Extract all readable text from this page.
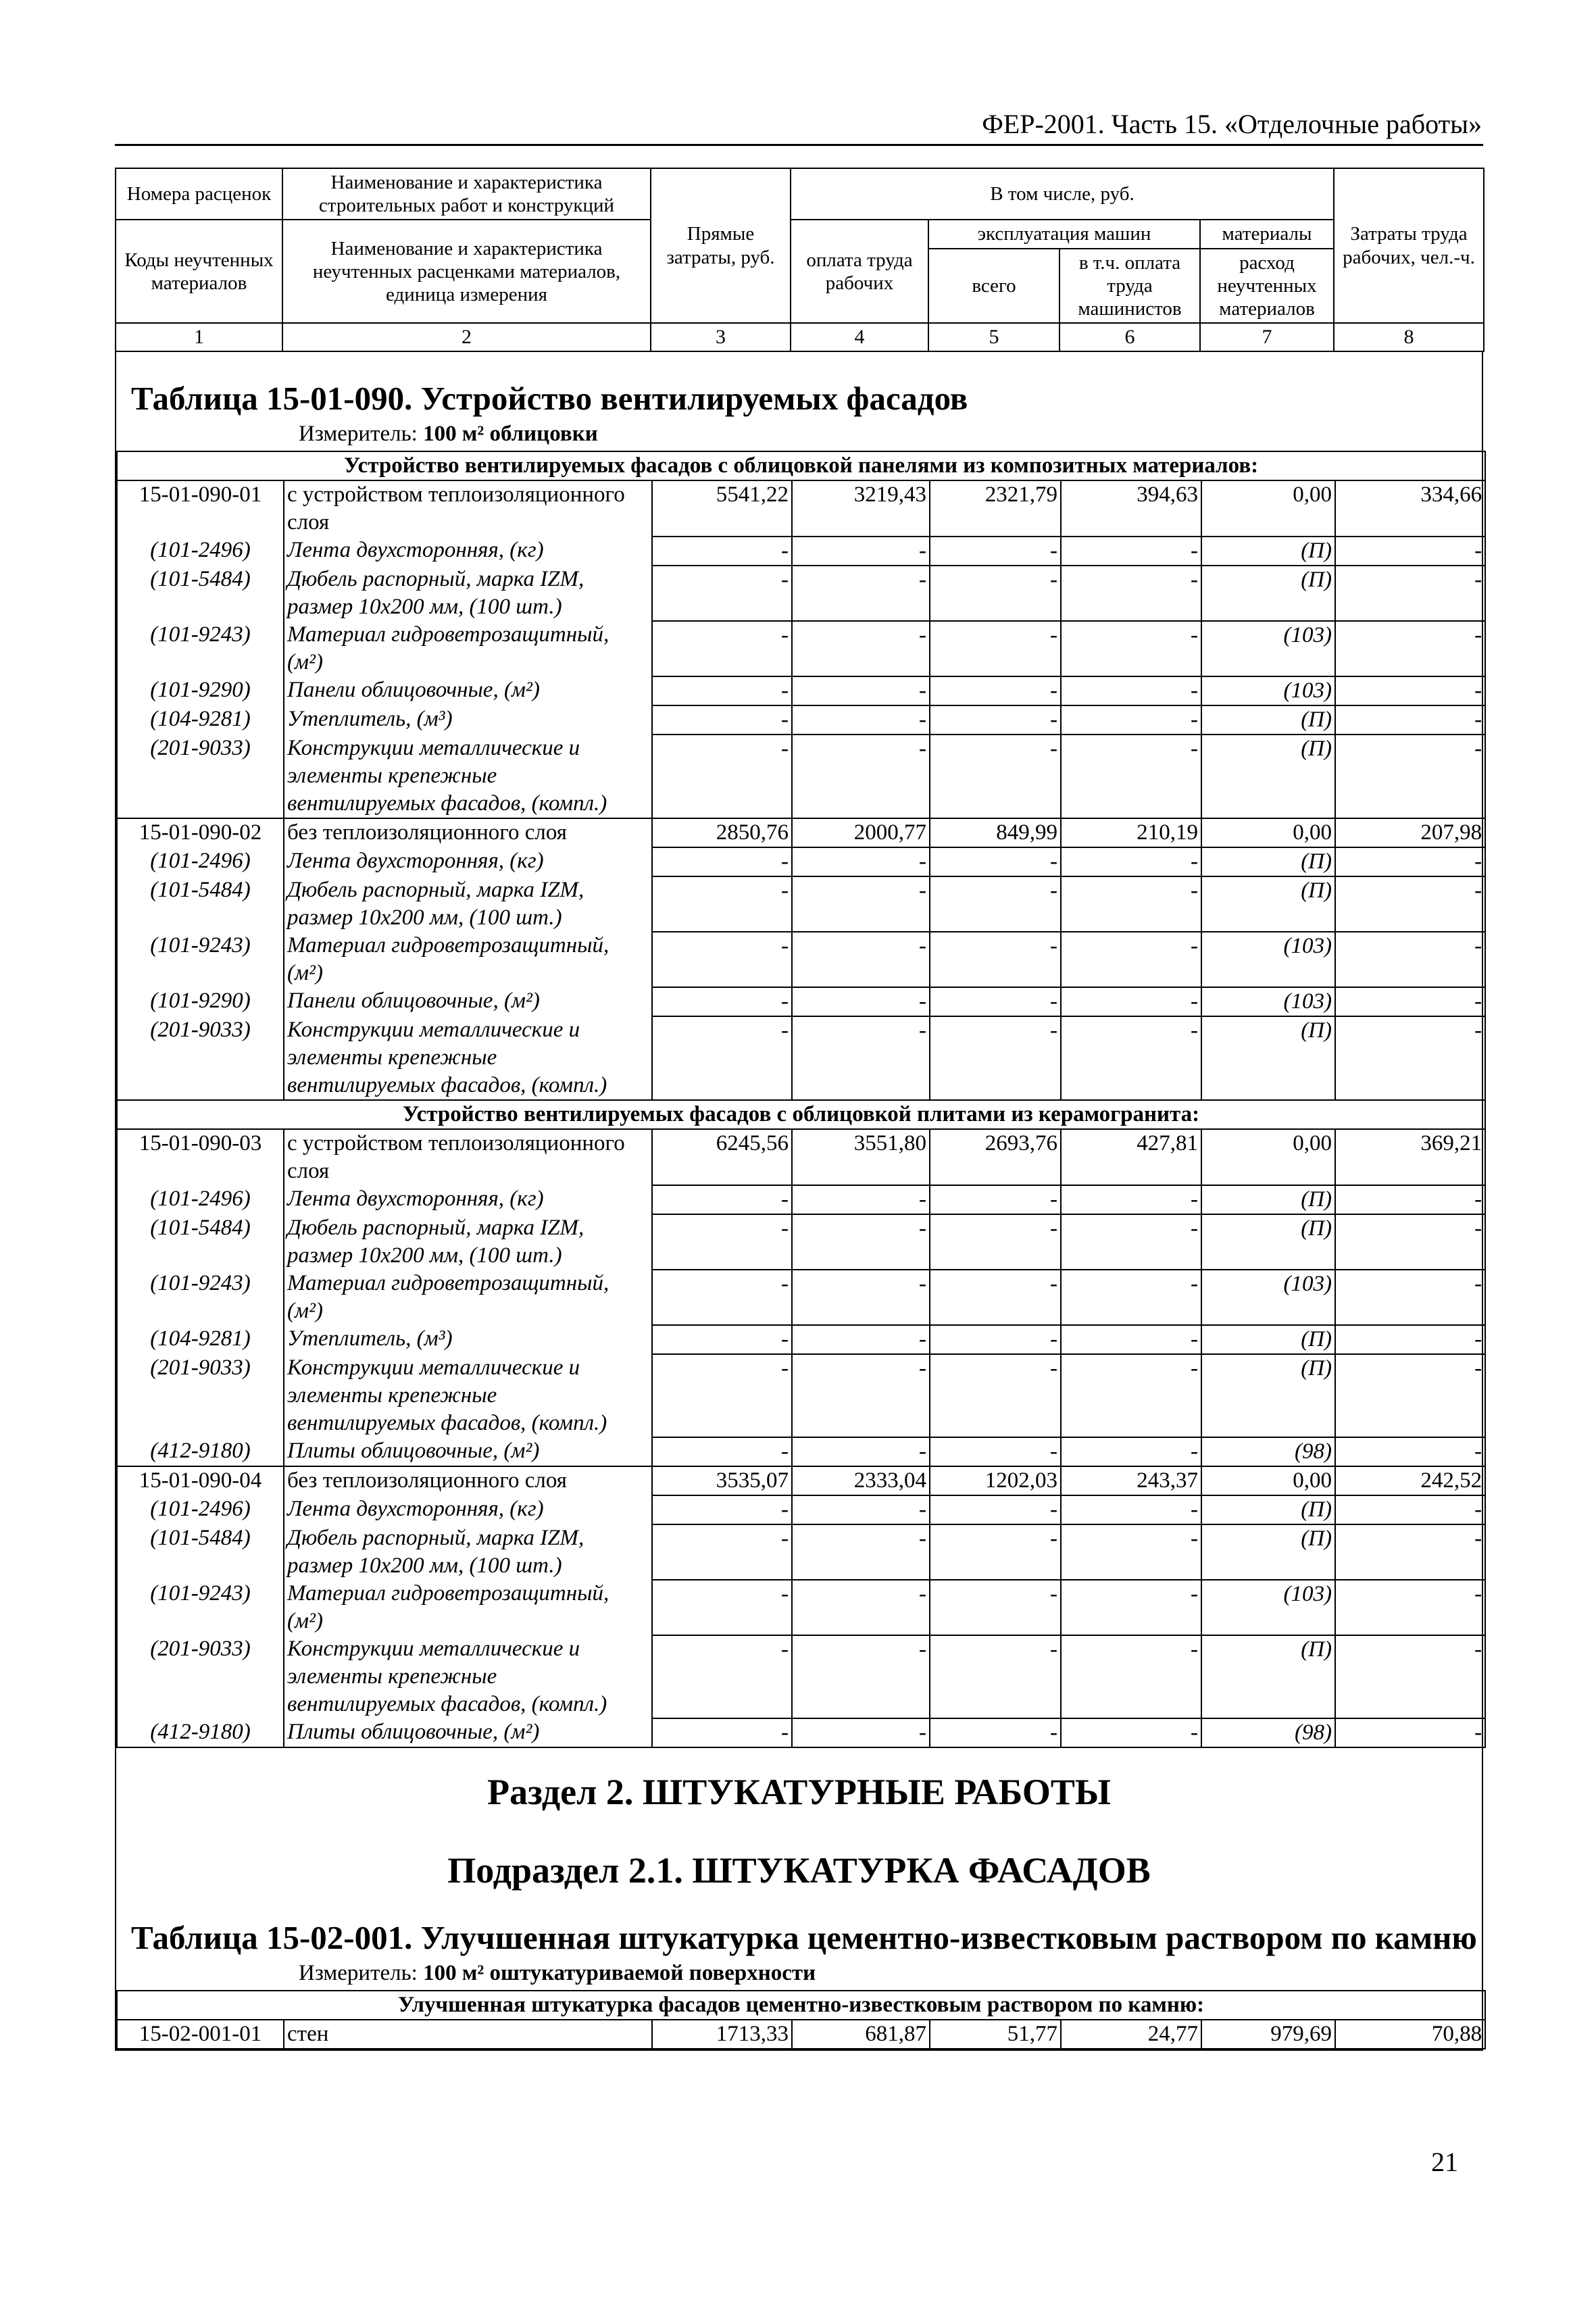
ФЕР-2001. Часть 15. «Отделочные работы»
Номера расценок	Наименование и характеристика строительных работ и конструкций	Прямые затраты, руб.	В том числе, руб.				Затраты труда рабочих, чел.-ч.
Коды неучтенных материалов	Наименование и характеристика неучтенных расценками материалов, единица измерения		оплата труда рабочих	эксплуатация машин		материалы	
				всего	в т.ч. оплата труда машинистов	расход неучтенных материалов	
1	2	3	4	5	6	7	8
Таблица 15-01-090. Устройство вентилируемых фасадов
Измеритель: 100 м² облицовки
Устройство вентилируемых фасадов с облицовкой панелями из композитных материалов:							
15-01-090-01	с устройством теплоизоляционного слоя	5541,22	3219,43	2321,79	394,63	0,00	334,66
(101-2496)	Лента двухсторонняя, (кг)	-	-	-	-	(П)	-
(101-5484)	Дюбель распорный, марка IZM, размер 10х200 мм, (100 шт.)	-	-	-	-	(П)	-
(101-9243)	Материал гидроветрозащитный, (м²)	-	-	-	-	(103)	-
(101-9290)	Панели облицовочные, (м²)	-	-	-	-	(103)	-
(104-9281)	Утеплитель, (м³)	-	-	-	-	(П)	-
(201-9033)	Конструкции металлические и элементы крепежные вентилируемых фасадов, (компл.)	-	-	-	-	(П)	-
15-01-090-02	без теплоизоляционного слоя	2850,76	2000,77	849,99	210,19	0,00	207,98
(101-2496)	Лента двухсторонняя, (кг)	-	-	-	-	(П)	-
(101-5484)	Дюбель распорный, марка IZM, размер 10х200 мм, (100 шт.)	-	-	-	-	(П)	-
(101-9243)	Материал гидроветрозащитный, (м²)	-	-	-	-	(103)	-
(101-9290)	Панели облицовочные, (м²)	-	-	-	-	(103)	-
(201-9033)	Конструкции металлические и элементы крепежные вентилируемых фасадов, (компл.)	-	-	-	-	(П)	-
Устройство вентилируемых фасадов с облицовкой плитами из керамогранита:							
15-01-090-03	с устройством теплоизоляционного слоя	6245,56	3551,80	2693,76	427,81	0,00	369,21
(101-2496)	Лента двухсторонняя, (кг)	-	-	-	-	(П)	-
(101-5484)	Дюбель распорный, марка IZM, размер 10х200 мм, (100 шт.)	-	-	-	-	(П)	-
(101-9243)	Материал гидроветрозащитный, (м²)	-	-	-	-	(103)	-
(104-9281)	Утеплитель, (м³)	-	-	-	-	(П)	-
(201-9033)	Конструкции металлические и элементы крепежные вентилируемых фасадов, (компл.)	-	-	-	-	(П)	-
(412-9180)	Плиты облицовочные, (м²)	-	-	-	-	(98)	-
15-01-090-04	без теплоизоляционного слоя	3535,07	2333,04	1202,03	243,37	0,00	242,52
(101-2496)	Лента двухсторонняя, (кг)	-	-	-	-	(П)	-
(101-5484)	Дюбель распорный, марка IZM, размер 10х200 мм, (100 шт.)	-	-	-	-	(П)	-
(101-9243)	Материал гидроветрозащитный, (м²)	-	-	-	-	(103)	-
(201-9033)	Конструкции металлические и элементы крепежные вентилируемых фасадов, (компл.)	-	-	-	-	(П)	-
(412-9180)	Плиты облицовочные, (м²)	-	-	-	-	(98)	-
Раздел 2. ШТУКАТУРНЫЕ РАБОТЫ
Подраздел 2.1. ШТУКАТУРКА ФАСАДОВ
Таблица 15-02-001. Улучшенная штукатурка цементно-известковым раствором по камню
Измеритель: 100 м² оштукатуриваемой поверхности
Улучшенная штукатурка фасадов цементно-известковым раствором по камню:
15-02-001-01	стен	1713,33	681,87	51,77	24,77	979,69	70,88
21
